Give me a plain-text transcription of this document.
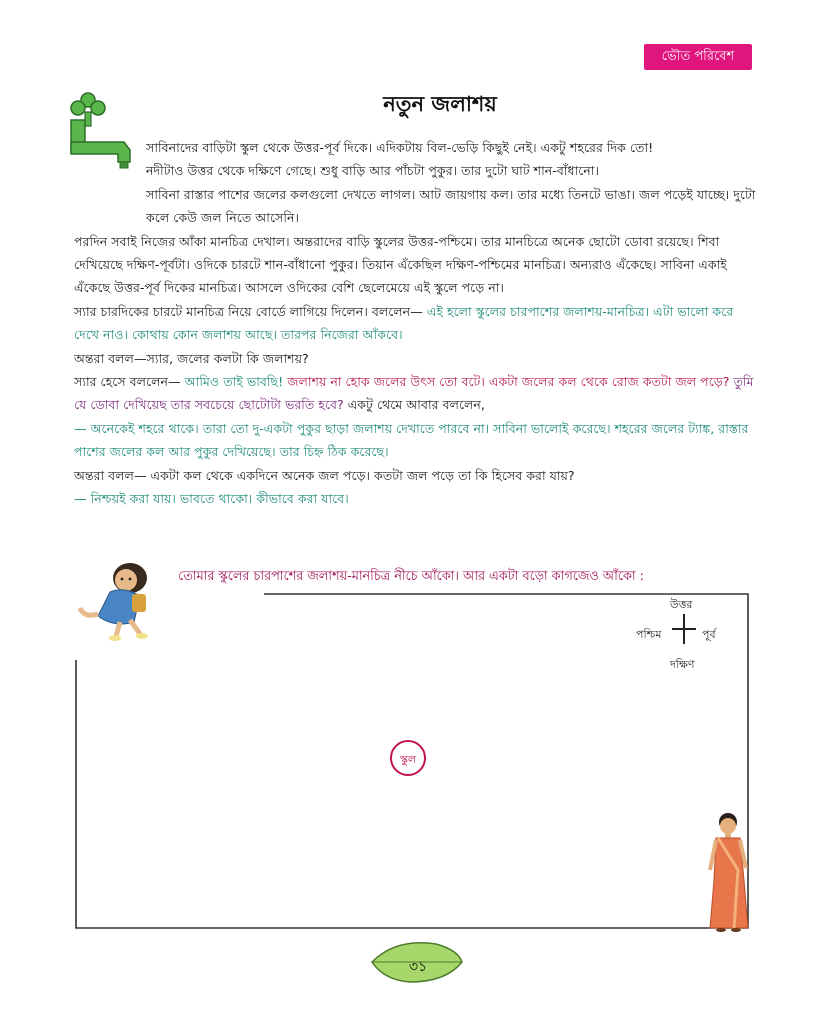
ভৌত পরিবেশ
নতুন জলাশয়

সাবিনাদের বাড়িটা স্কুল থেকে উত্তর-পূর্ব দিকে। এদিকটায় বিল-ভেড়ি কিছুই নেই। একটু শহরের দিক তো!

নদীটাও উত্তর থেকে দক্ষিণে গেছে। শুধু বাড়ি আর পাঁচটা পুকুর। তার দুটো ঘাট শান-বাঁধানো।

সাবিনা রাস্তার পাশের জলের কলগুলো দেখতে লাগল। আট জায়গায় কল। তার মধ্যে তিনটে ভাঙা। জল পড়েই যাচ্ছে। দুটো কলে কেউ জল নিতে আসেনি।

পরদিন সবাই নিজের আঁকা মানচিত্র দেখাল। অন্তরাদের বাড়ি স্কুলের উত্তর-পশ্চিমে। তার মানচিত্রে অনেক ছোটো ডোবা রয়েছে। শিবা দেখিয়েছে দক্ষিণ-পূর্বটা। ওদিকে চারটে শান-বাঁধানো পুকুর। তিয়ান এঁকেছিল দক্ষিণ-পশ্চিমের মানচিত্র। অন্যরাও এঁকেছে। সাবিনা একাই এঁকেছে উত্তর-পূর্ব দিকের মানচিত্র। আসলে ওদিকের বেশি ছেলেমেয়ে এই স্কুলে পড়ে না।

স্যার চারদিকের চারটে মানচিত্র নিয়ে বোর্ডে লাগিয়ে দিলেন। বললেন— এই হলো স্কুলের চারপাশের জলাশয়-মানচিত্র। এটা ভালো করে দেখে নাও। কোথায় কোন জলাশয় আছে। তারপর নিজেরা আঁকবে।

অন্তরা বলল—স্যার, জলের কলটা কি জলাশয়?

স্যার হেসে বললেন— আমিও তাই ভাবছি! জলাশয় না হোক জলের উৎস তো বটে। একটা জলের কল থেকে রোজ কতটা জল পড়ে? তুমি যে ডোবা দেখিয়েছ তার সবচেয়ে ছোটোটা ভরতি হবে? একটু থেমে আবার বললেন,

— অনেকেই শহরে থাকে। তারা তো দু-একটা পুকুর ছাড়া জলাশয় দেখাতে পারবে না। সাবিনা ভালোই করেছে। শহরের জলের ট্যাঙ্ক, রাস্তার পাশের জলের কল আর পুকুর দেখিয়েছে। তার চিহ্ন ঠিক করেছে।

অন্তরা বলল— একটা কল থেকে একদিনে অনেক জল পড়ে। কতটা জল পড়ে তা কি হিসেব করা যায়?

— নিশ্চয়ই করা যায়। ভাবতে থাকো। কীভাবে করা যাবে।

তোমার স্কুলের চারপাশের জলাশয়-মানচিত্র নীচে আঁকো। আর একটা বড়ো কাগজেও আঁকো :
উত্তর
পশ্চিম	পূর্ব
দক্ষিণ
স্কুল
৩১
